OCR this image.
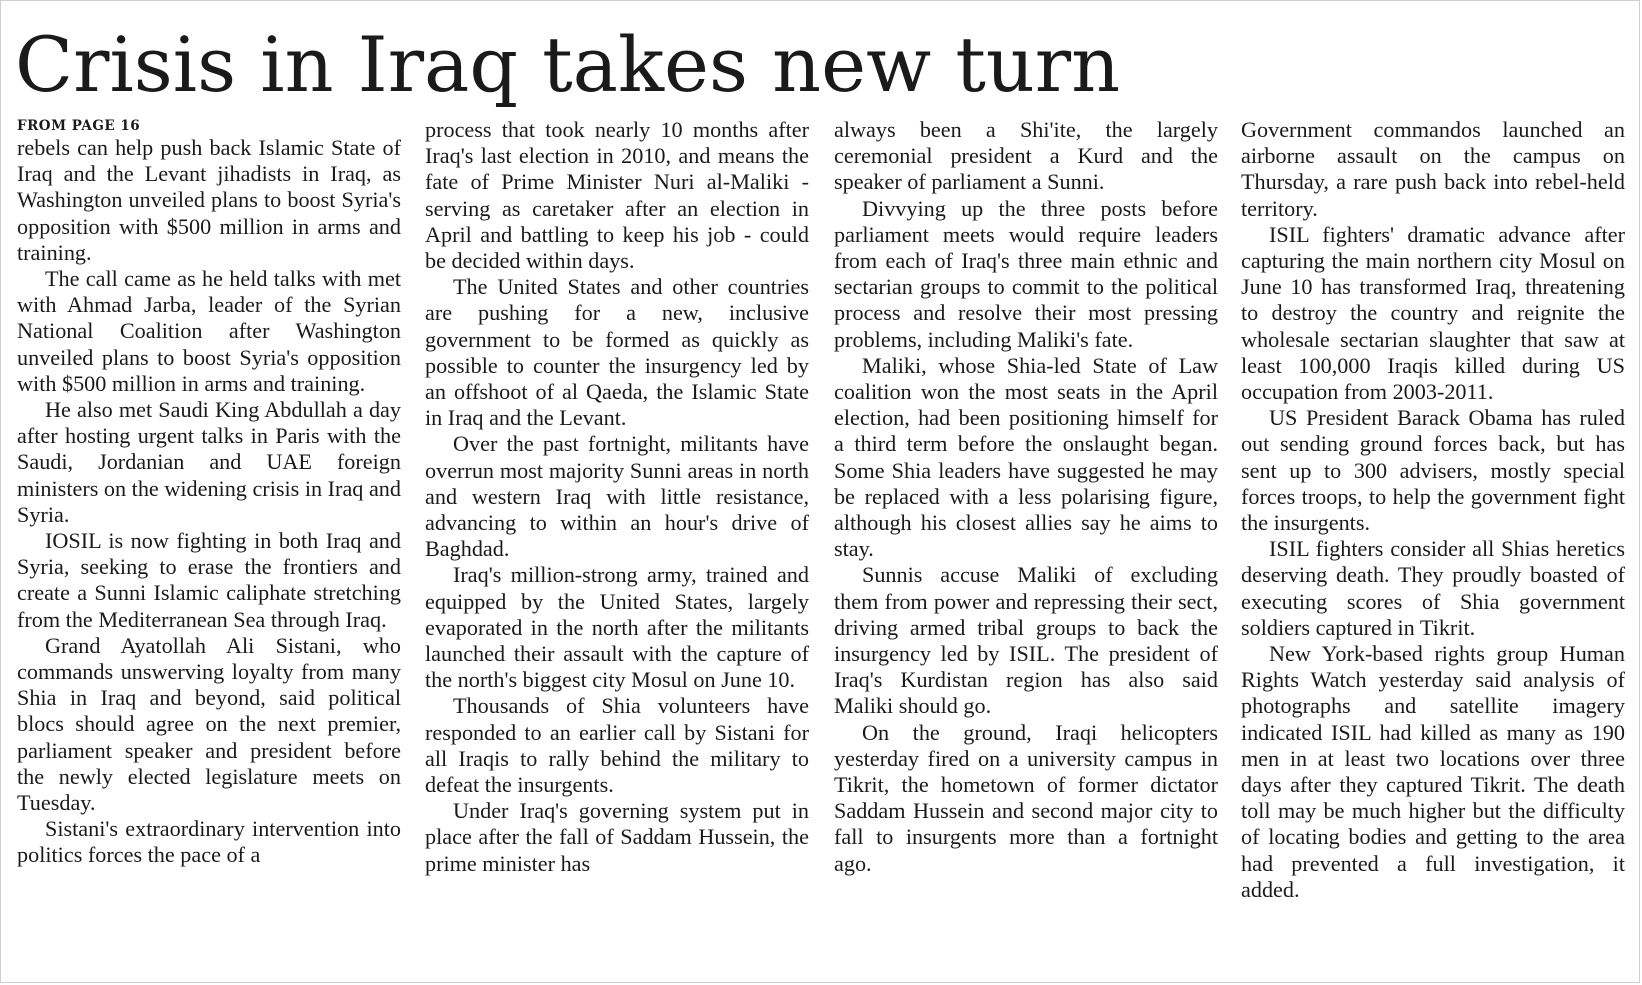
Crisis in Iraq takes new turn
FROM PAGE 16

rebels can help push back Islamic State of Iraq and the Levant jihadists in Iraq, as Washington unveiled plans to boost Syria's opposition with $500 million in arms and training.

The call came as he held talks with met with Ahmad Jarba, leader of the Syrian National Coalition after Washington unveiled plans to boost Syria's opposition with $500 million in arms and training.

He also met Saudi King Abdullah a day after hosting urgent talks in Paris with the Saudi, Jordanian and UAE foreign ministers on the widening crisis in Iraq and Syria.

IOSIL is now fighting in both Iraq and Syria, seeking to erase the frontiers and create a Sunni Islamic caliphate stretching from the Mediterranean Sea through Iraq.

Grand Ayatollah Ali Sistani, who commands unswerving loyalty from many Shia in Iraq and beyond, said political blocs should agree on the next premier, parliament speaker and president before the newly elected legislature meets on Tuesday.

Sistani's extraordinary intervention into politics forces the pace of a

process that took nearly 10 months after Iraq's last election in 2010, and means the fate of Prime Minister Nuri al-Maliki - serving as caretaker after an election in April and battling to keep his job - could be decided within days.

The United States and other countries are pushing for a new, inclusive government to be formed as quickly as possible to counter the insurgency led by an offshoot of al Qaeda, the Islamic State in Iraq and the Levant.

Over the past fortnight, militants have overrun most majority Sunni areas in north and western Iraq with little resistance, advancing to within an hour's drive of Baghdad.

Iraq's million-strong army, trained and equipped by the United States, largely evaporated in the north after the militants launched their assault with the capture of the north's biggest city Mosul on June 10.

Thousands of Shia volunteers have responded to an earlier call by Sistani for all Iraqis to rally behind the military to defeat the insurgents.

Under Iraq's governing system put in place after the fall of Saddam Hussein, the prime minister has

always been a Shi'ite, the largely ceremonial president a Kurd and the speaker of parliament a Sunni.

Divvying up the three posts before parliament meets would require leaders from each of Iraq's three main ethnic and sectarian groups to commit to the political process and resolve their most pressing problems, including Maliki's fate.

Maliki, whose Shia-led State of Law coalition won the most seats in the April election, had been positioning himself for a third term before the onslaught began. Some Shia leaders have suggested he may be replaced with a less polarising figure, although his closest allies say he aims to stay.

Sunnis accuse Maliki of excluding them from power and repressing their sect, driving armed tribal groups to back the insurgency led by ISIL. The president of Iraq's Kurdistan region has also said Maliki should go.

On the ground, Iraqi helicopters yesterday fired on a university campus in Tikrit, the hometown of former dictator Saddam Hussein and second major city to fall to insurgents more than a fortnight ago.

Government commandos launched an airborne assault on the campus on Thursday, a rare push back into rebel-held territory.

ISIL fighters' dramatic advance after capturing the main northern city Mosul on June 10 has transformed Iraq, threatening to destroy the country and reignite the wholesale sectarian slaughter that saw at least 100,000 Iraqis killed during US occupation from 2003-2011.

US President Barack Obama has ruled out sending ground forces back, but has sent up to 300 advisers, mostly special forces troops, to help the government fight the insurgents.

ISIL fighters consider all Shias heretics deserving death. They proudly boasted of executing scores of Shia government soldiers captured in Tikrit.

New York-based rights group Human Rights Watch yesterday said analysis of photographs and satellite imagery indicated ISIL had killed as many as 190 men in at least two locations over three days after they captured Tikrit. The death toll may be much higher but the difficulty of locating bodies and getting to the area had prevented a full investigation, it added.
